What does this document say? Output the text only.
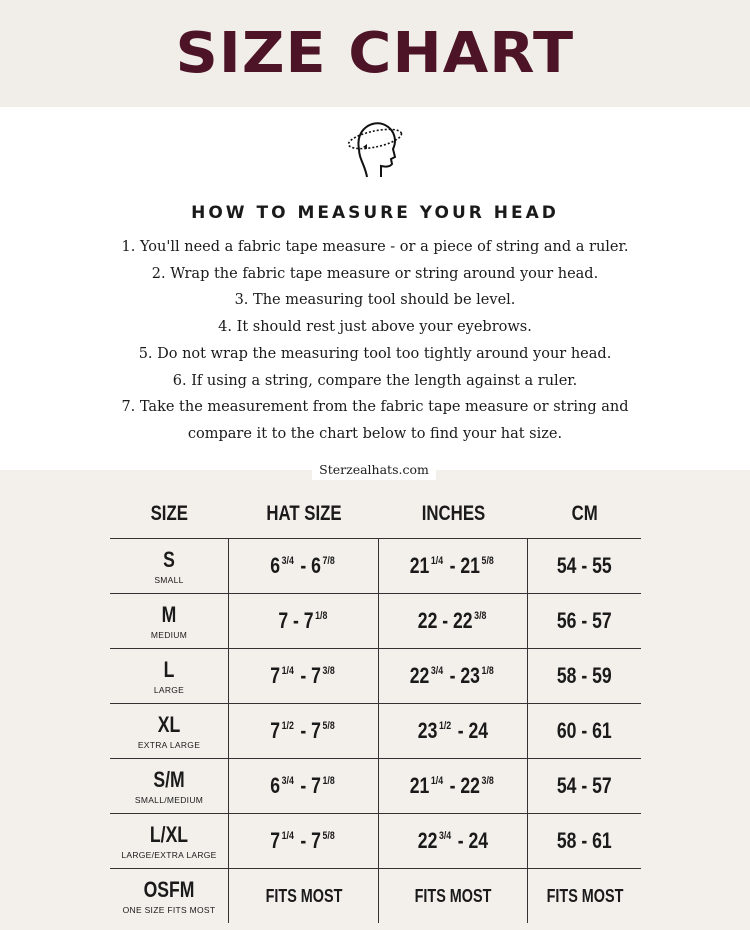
SIZE CHART
HOW TO MEASURE YOUR HEAD
1. You'll need a fabric tape measure - or a piece of string and a ruler.
2. Wrap the fabric tape measure or string around your head.
3. The measuring tool should be level.
4. It should rest just above your eyebrows.
5. Do not wrap the measuring tool too tightly around your head.
6. If using a string, compare the length against a ruler.
7. Take the measurement from the fabric tape measure or string and
compare it to the chart below to find your hat size.
Sterzealhats.com
SIZE	HAT SIZE	INCHES	CM

S
SMALL	6 $^{3/4}$ - 6 $^{7/8}$	21 $^{1/4}$ - 21 $^{5/8}$	54 - 55

M
MEDIUM	7 - 7 $^{1/8}$	22 - 22 $^{3/8}$	56 - 57

L
LARGE	7 $^{1/4}$ - 7 $^{3/8}$	22 $^{3/4}$ - 23 $^{1/8}$	58 - 59

XL
EXTRA LARGE	7 $^{1/2}$ - 7 $^{5/8}$	23 $^{1/2}$ - 24	60 - 61

S/M
SMALL/MEDIUM	6 $^{3/4}$ - 7 $^{1/8}$	21 $^{1/4}$ - 22 $^{3/8}$	54 - 57

L/XL
LARGE/EXTRA LARGE	7 $^{1/4}$ - 7 $^{5/8}$	22 $^{3/4}$ - 24	58 - 61

OSFM
ONE SIZE FITS MOST	FITS MOST	FITS MOST	FITS MOST
